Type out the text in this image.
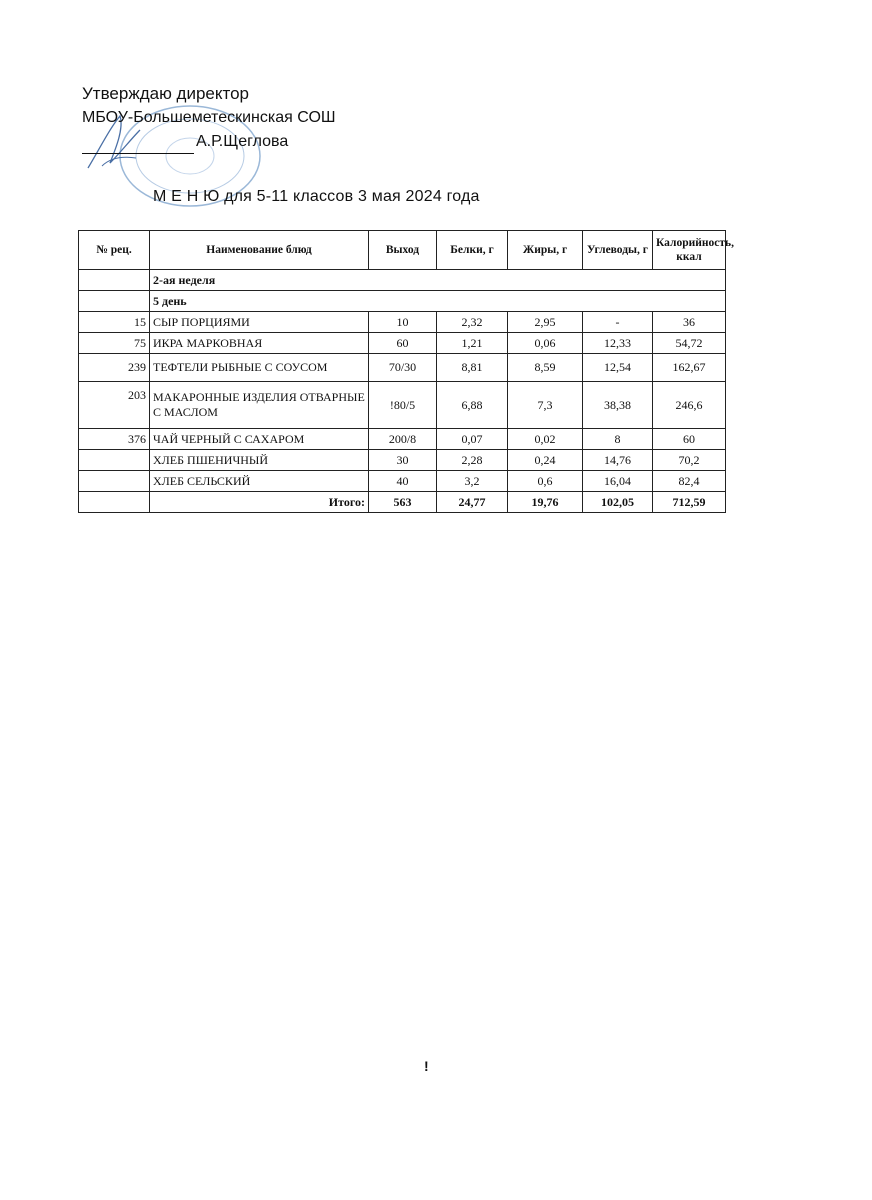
Утверждаю директор
МБОУ-Большеметескинская СОШ
А.Р.Щеглова
М Е Н Ю для 5-11 классов 3 мая 2024 года
№ рец.	Наименование блюд	Выход	Белки, г	Жиры, г	Углеводы, г	Калорийность, ккал
	2-ая неделя					
	5 день					
15	СЫР ПОРЦИЯМИ	10	2,32	2,95	-	36
75	ИКРА МАРКОВНАЯ	60	1,21	0,06	12,33	54,72
239	ТЕФТЕЛИ РЫБНЫЕ С СОУСОМ	70/30	8,81	8,59	12,54	162,67
203	МАКАРОННЫЕ ИЗДЕЛИЯ ОТВАРНЫЕ С МАСЛОМ	!80/5	6,88	7,3	38,38	246,6
376	ЧАЙ ЧЕРНЫЙ С САХАРОМ	200/8	0,07	0,02	8	60
	ХЛЕБ ПШЕНИЧНЫЙ	30	2,28	0,24	14,76	70,2
	ХЛЕБ СЕЛЬСКИЙ	40	3,2	0,6	16,04	82,4
	Итого:	563	24,77	19,76	102,05	712,59
!
